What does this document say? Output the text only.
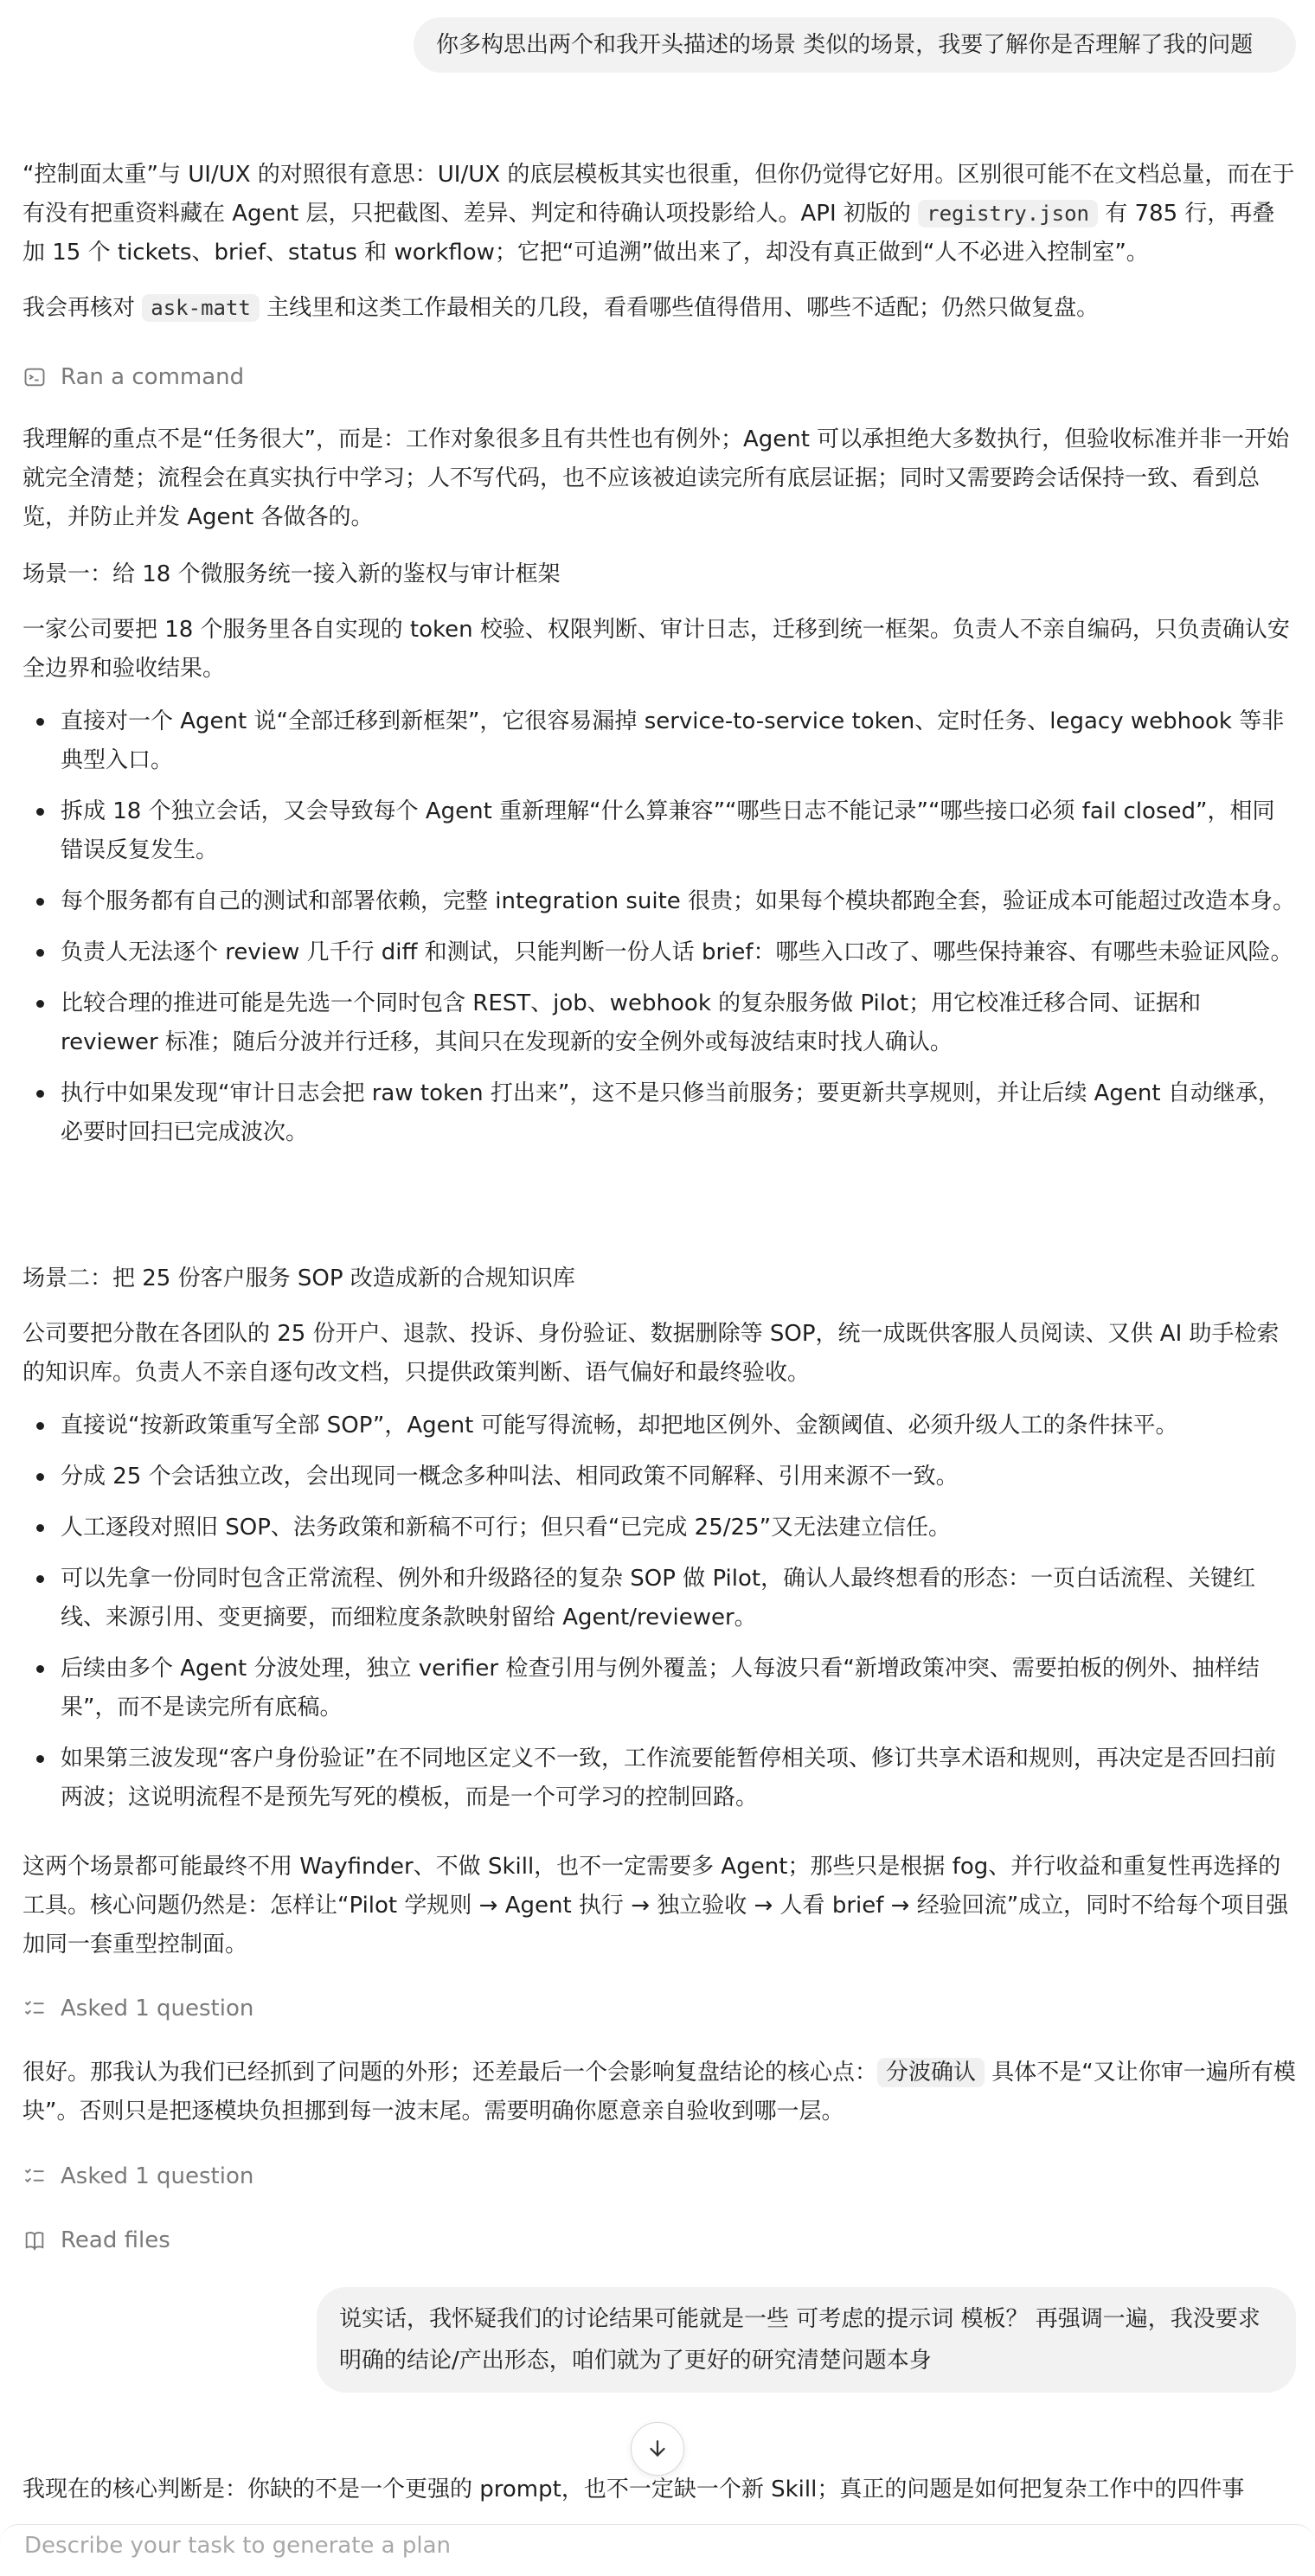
你多构思出两个和我开头描述的场景 类似的场景，我要了解你是否理解了我的问题

“控制面太重”与 UI/UX 的对照很有意思：UI/UX 的底层模板其实也很重，但你仍觉得它好用。区别很可能不在文档总量，而在于有没有把重资料藏在 Agent 层，只把截图、差异、判定和待确认项投影给人。API 初版的 registry.json 有 785 行，再叠加 15 个 tickets、brief、status 和 workflow；它把“可追溯”做出来了，却没有真正做到“人不必进入控制室”。

我会再核对 ask-matt 主线里和这类工作最相关的几段，看看哪些值得借用、哪些不适配；仍然只做复盘。

Ran a command

我理解的重点不是“任务很大”，而是：工作对象很多且有共性也有例外；Agent 可以承担绝大多数执行，但验收标准并非一开始就完全清楚；流程会在真实执行中学习；人不写代码，也不应该被迫读完所有底层证据；同时又需要跨会话保持一致、看到总览，并防止并发 Agent 各做各的。

场景一：给 18 个微服务统一接入新的鉴权与审计框架

一家公司要把 18 个服务里各自实现的 token 校验、权限判断、审计日志，迁移到统一框架。负责人不亲自编码，只负责确认安全边界和验收结果。

直接对一个 Agent 说“全部迁移到新框架”，它很容易漏掉 service-to-service token、定时任务、legacy webhook 等非典型入口。
拆成 18 个独立会话，又会导致每个 Agent 重新理解“什么算兼容”“哪些日志不能记录”“哪些接口必须 fail closed”，相同错误反复发生。
每个服务都有自己的测试和部署依赖，完整 integration suite 很贵；如果每个模块都跑全套，验证成本可能超过改造本身。
负责人无法逐个 review 几千行 diff 和测试，只能判断一份人话 brief：哪些入口改了、哪些保持兼容、有哪些未验证风险。
比较合理的推进可能是先选一个同时包含 REST、job、webhook 的复杂服务做 Pilot；用它校准迁移合同、证据和 reviewer 标准；随后分波并行迁移，其间只在发现新的安全例外或每波结束时找人确认。
执行中如果发现“审计日志会把 raw token 打出来”，这不是只修当前服务；要更新共享规则，并让后续 Agent 自动继承，必要时回扫已完成波次。

场景二：把 25 份客户服务 SOP 改造成新的合规知识库

公司要把分散在各团队的 25 份开户、退款、投诉、身份验证、数据删除等 SOP，统一成既供客服人员阅读、又供 AI 助手检索的知识库。负责人不亲自逐句改文档，只提供政策判断、语气偏好和最终验收。

直接说“按新政策重写全部 SOP”，Agent 可能写得流畅，却把地区例外、金额阈值、必须升级人工的条件抹平。
分成 25 个会话独立改，会出现同一概念多种叫法、相同政策不同解释、引用来源不一致。
人工逐段对照旧 SOP、法务政策和新稿不可行；但只看“已完成 25/25”又无法建立信任。
可以先拿一份同时包含正常流程、例外和升级路径的复杂 SOP 做 Pilot，确认人最终想看的形态：一页白话流程、关键红线、来源引用、变更摘要，而细粒度条款映射留给 Agent/reviewer。
后续由多个 Agent 分波处理，独立 verifier 检查引用与例外覆盖；人每波只看“新增政策冲突、需要拍板的例外、抽样结果”，而不是读完所有底稿。
如果第三波发现“客户身份验证”在不同地区定义不一致，工作流要能暂停相关项、修订共享术语和规则，再决定是否回扫前两波；这说明流程不是预先写死的模板，而是一个可学习的控制回路。

这两个场景都可能最终不用 Wayfinder、不做 Skill，也不一定需要多 Agent；那些只是根据 fog、并行收益和重复性再选择的工具。核心问题仍然是：怎样让“Pilot 学规则 → Agent 执行 → 独立验收 → 人看 brief → 经验回流”成立，同时不给每个项目强加同一套重型控制面。

Asked 1 question

很好。那我认为我们已经抓到了问题的外形；还差最后一个会影响复盘结论的核心点： 分波确认 具体不是“又让你审一遍所有模块”。否则只是把逐模块负担挪到每一波末尾。需要明确你愿意亲自验收到哪一层。

Asked 1 question
Read files
说实话，我怀疑我们的讨论结果可能就是一些 可考虑的提示词 模板？ 再强调一遍，我没要求明确的结论/产出形态，咱们就为了更好的研究清楚问题本身

我现在的核心判断是：你缺的不是一个更强的 prompt，也不一定缺一个新 Skill；真正的问题是如何把复杂工作中的四件事

Describe your task to generate a plan
